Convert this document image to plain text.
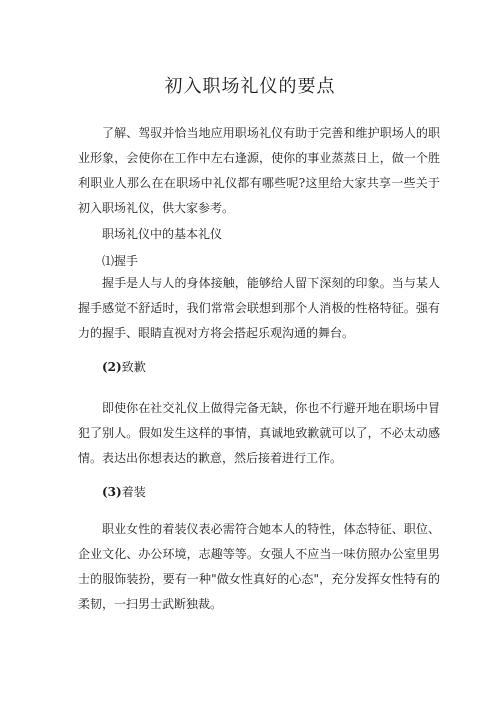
初入职场礼仪的要点

了解、驾驭并恰当地应用职场礼仪有助于完善和维护职场人的职业形象，会使你在工作中左右逢源，使你的事业蒸蒸日上，做一个胜利职业人那么在在职场中礼仪都有哪些呢?这里给大家共享一些关于初入职场礼仪，供大家参考。

职场礼仪中的基本礼仪

⑴握手

握手是人与人的身体接触，能够给人留下深刻的印象。当与某人握手感觉不舒适时，我们常常会联想到那个人消极的性格特征。强有力的握手、眼睛直视对方将会搭起乐观沟通的舞台。

(2)致歉

即使你在社交礼仪上做得完备无缺，你也不行避开地在职场中冒犯了别人。假如发生这样的事情，真诚地致歉就可以了，不必太动感情。表达出你想表达的歉意，然后接着进行工作。

(3)着装

职业女性的着装仪表必需符合她本人的特性，体态特征、职位、企业文化、办公环境，志趣等等。女强人不应当一味仿照办公室里男士的服饰装扮，要有一种"做女性真好的心态"，充分发挥女性特有的柔韧，一扫男士武断独裁。
